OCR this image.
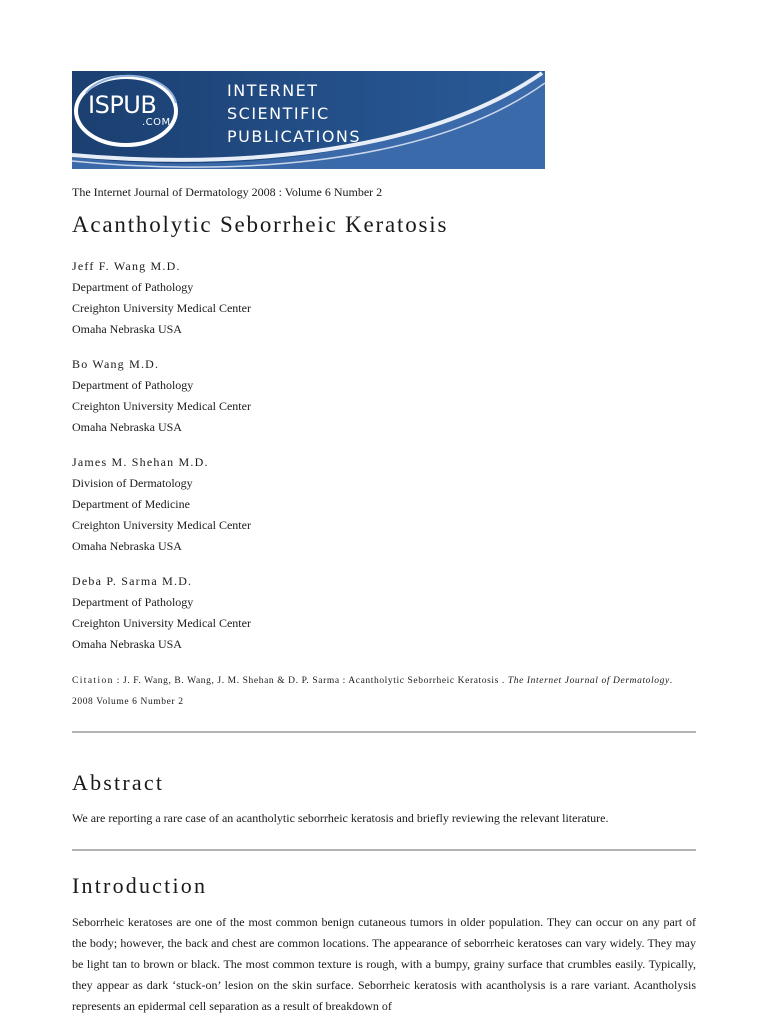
ISPUB
.COM
INTERNET
SCIENTIFIC
PUBLICATIONS
The Internet Journal of Dermatology 2008 : Volume 6 Number 2
Acantholytic Seborrheic Keratosis
Jeff F. Wang M.D.
Department of Pathology
Creighton University Medical Center
Omaha Nebraska USA
Bo Wang M.D.
Department of Pathology
Creighton University Medical Center
Omaha Nebraska USA
James M. Shehan M.D.
Division of Dermatology
Department of Medicine
Creighton University Medical Center
Omaha Nebraska USA
Deba P. Sarma M.D.
Department of Pathology
Creighton University Medical Center
Omaha Nebraska USA
Citation : J. F. Wang, B. Wang, J. M. Shehan & D. P. Sarma : Acantholytic Seborrheic Keratosis . The Internet Journal of Dermatology. 2008 Volume 6 Number 2
Abstract
We are reporting a rare case of an acantholytic seborrheic keratosis and briefly reviewing the relevant literature.
Introduction
Seborrheic keratoses are one of the most common benign cutaneous tumors in older population. They can occur on any part of the body; however, the back and chest are common locations. The appearance of seborrheic keratoses can vary widely. They may be light tan to brown or black. The most common texture is rough, with a bumpy, grainy surface that crumbles easily. Typically, they appear as dark ‘stuck-on’ lesion on the skin surface. Seborrheic keratosis with acantholysis is a rare variant. Acantholysis represents an epidermal cell separation as a result of breakdown of
